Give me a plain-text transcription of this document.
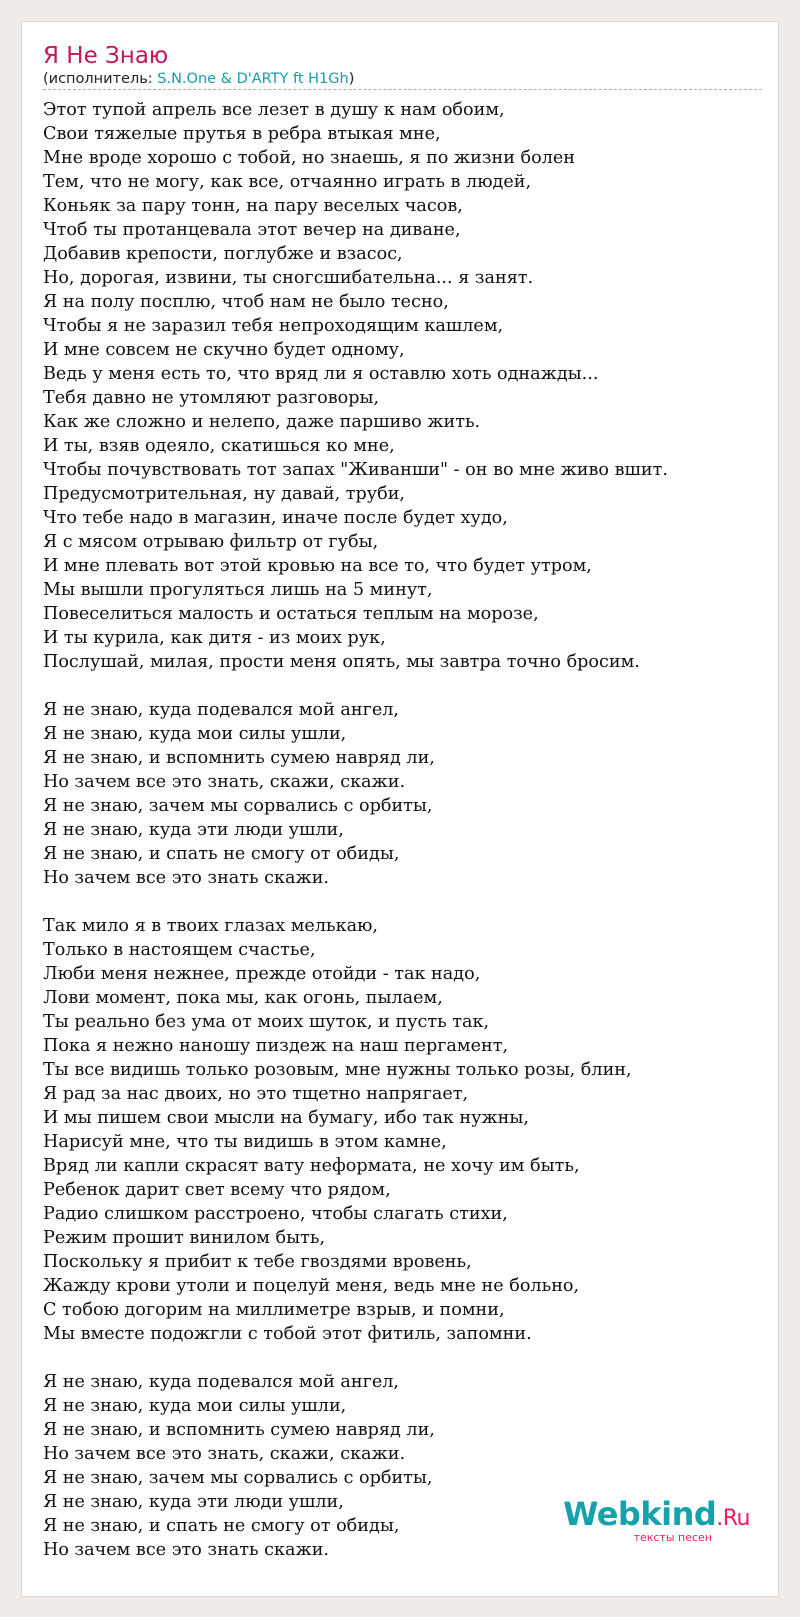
Я Не Знаю
(исполнитель: S.N.One & D'ARTY ft H1Gh)
Этот тупой апрель все лезет в душу к нам обоим,
Свои тяжелые прутья в ребра втыкая мне,
Мне вроде хорошо с тобой, но знаешь, я по жизни болен
Тем, что не могу, как все, отчаянно играть в людей,
Коньяк за пару тонн, на пару веселых часов,
Чтоб ты протанцевала этот вечер на диване,
Добавив крепости, поглубже и взасос,
Но, дорогая, извини, ты сногсшибательна... я занят.
Я на полу посплю, чтоб нам не было тесно,
Чтобы я не заразил тебя непроходящим кашлем,
И мне совсем не скучно будет одному,
Ведь у меня есть то, что вряд ли я оставлю хоть однажды...
Тебя давно не утомляют разговоры,
Как же сложно и нелепо, даже паршиво жить.
И ты, взяв одеяло, скатишься ко мне,
Чтобы почувствовать тот запах "Живанши" - он во мне живо вшит.
Предусмотрительная, ну давай, труби,
Что тебе надо в магазин, иначе после будет худо,
Я с мясом отрываю фильтр от губы,
И мне плевать вот этой кровью на все то, что будет утром,
Мы вышли прогуляться лишь на 5 минут,
Повеселиться малость и остаться теплым на морозе,
И ты курила, как дитя - из моих рук,
Послушай, милая, прости меня опять, мы завтра точно бросим.
Я не знаю, куда подевался мой ангел,
Я не знаю, куда мои силы ушли,
Я не знаю, и вспомнить сумею навряд ли,
Но зачем все это знать, скажи, скажи.
Я не знаю, зачем мы сорвались с орбиты,
Я не знаю, куда эти люди ушли,
Я не знаю, и спать не смогу от обиды,
Но зачем все это знать скажи.
Так мило я в твоих глазах мелькаю,
Только в настоящем счастье,
Люби меня нежнее, прежде отойди - так надо,
Лови момент, пока мы, как огонь, пылаем,
Ты реально без ума от моих шуток, и пусть так,
Пока я нежно наношу пиздеж на наш пергамент,
Ты все видишь только розовым, мне нужны только розы, блин,
Я рад за нас двоих, но это тщетно напрягает,
И мы пишем свои мысли на бумагу, ибо так нужны,
Нарисуй мне, что ты видишь в этом камне,
Вряд ли капли скрасят вату неформата, не хочу им быть,
Ребенок дарит свет всему что рядом,
Радио слишком расстроено, чтобы слагать стихи,
Режим прошит винилом быть,
Поскольку я прибит к тебе гвоздями вровень,
Жажду крови утоли и поцелуй меня, ведь мне не больно,
С тобою догорим на миллиметре взрыв, и помни,
Мы вместе подожгли с тобой этот фитиль, запомни.
Я не знаю, куда подевался мой ангел,
Я не знаю, куда мои силы ушли,
Я не знаю, и вспомнить сумею навряд ли,
Но зачем все это знать, скажи, скажи.
Я не знаю, зачем мы сорвались с орбиты,
Я не знаю, куда эти люди ушли,
Я не знаю, и спать не смогу от обиды,
Но зачем все это знать скажи.
Webkind.Ru
тексты песен
